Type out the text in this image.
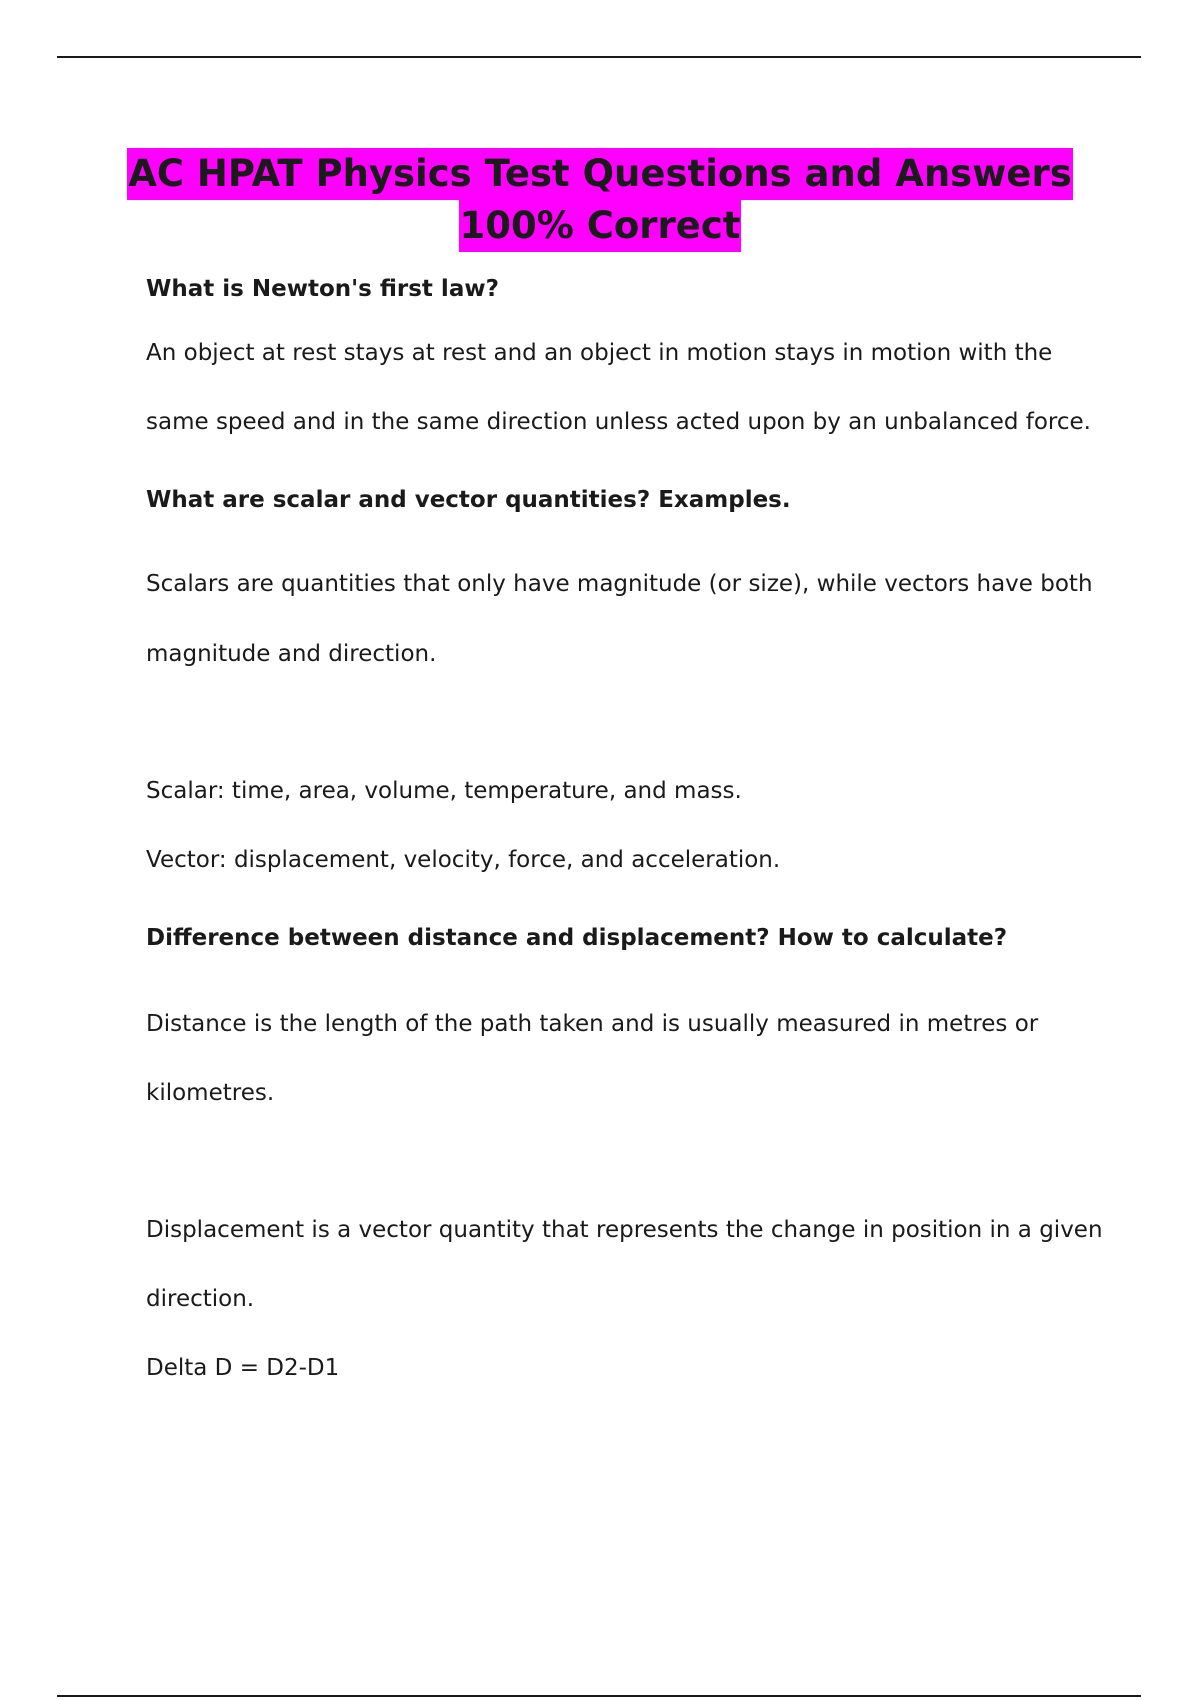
AC HPAT Physics Test Questions and Answers
100% Correct

What is Newton's first law?

An object at rest stays at rest and an object in motion stays in motion with the

same speed and in the same direction unless acted upon by an unbalanced force.

What are scalar and vector quantities? Examples.

Scalars are quantities that only have magnitude (or size), while vectors have both

magnitude and direction.

Scalar: time, area, volume, temperature, and mass.

Vector: displacement, velocity, force, and acceleration.

Difference between distance and displacement? How to calculate?

Distance is the length of the path taken and is usually measured in metres or

kilometres.

Displacement is a vector quantity that represents the change in position in a given

direction.

Delta D = D2-D1
